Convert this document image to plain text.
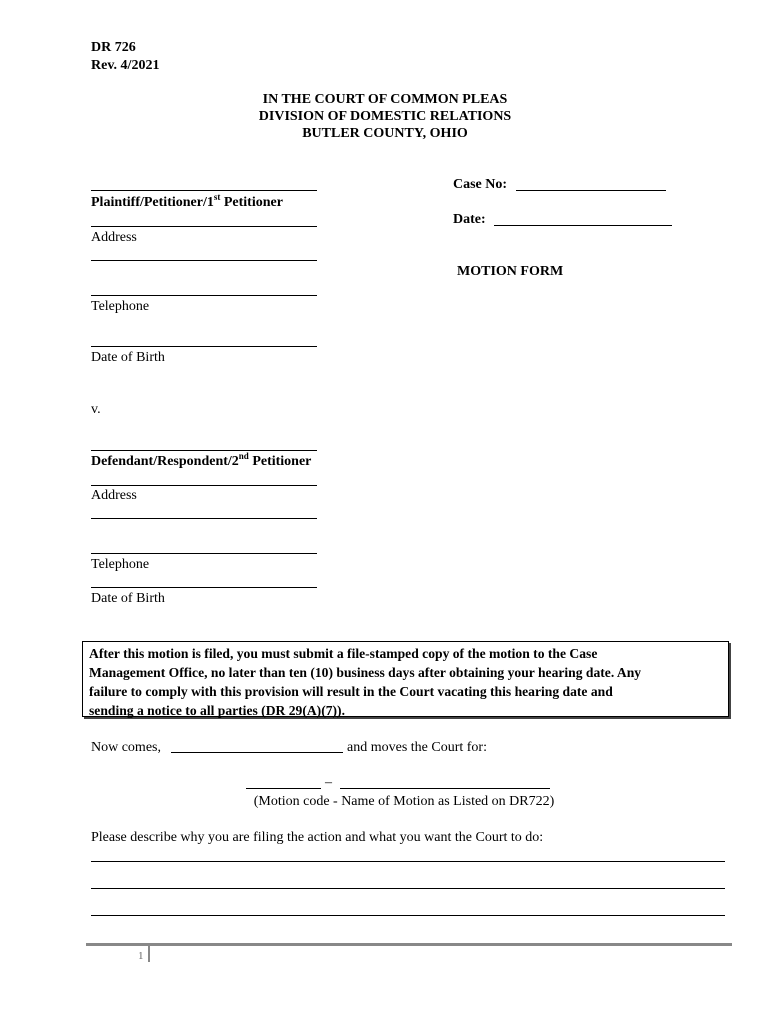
DR 726
Rev. 4/2021
IN THE COURT OF COMMON PLEAS
DIVISION OF DOMESTIC RELATIONS
BUTLER COUNTY, OHIO
Case No:
Date:
MOTION FORM
Plaintiff/Petitioner/1st Petitioner
Address
Telephone
Date of Birth
v.
Defendant/Respondent/2nd Petitioner
Address
Telephone
Date of Birth
After this motion is filed, you must submit a file-stamped copy of the motion to the Case
Management Office, no later than ten (10) business days after obtaining your hearing date. Any
failure to comply with this provision will result in the Court vacating this hearing date and
sending a notice to all parties (DR 29(A)(7)).
Now comes,	and moves the Court for:
–
(Motion code - Name of Motion as Listed on DR722)
Please describe why you are filing the action and what you want the Court to do:
1
